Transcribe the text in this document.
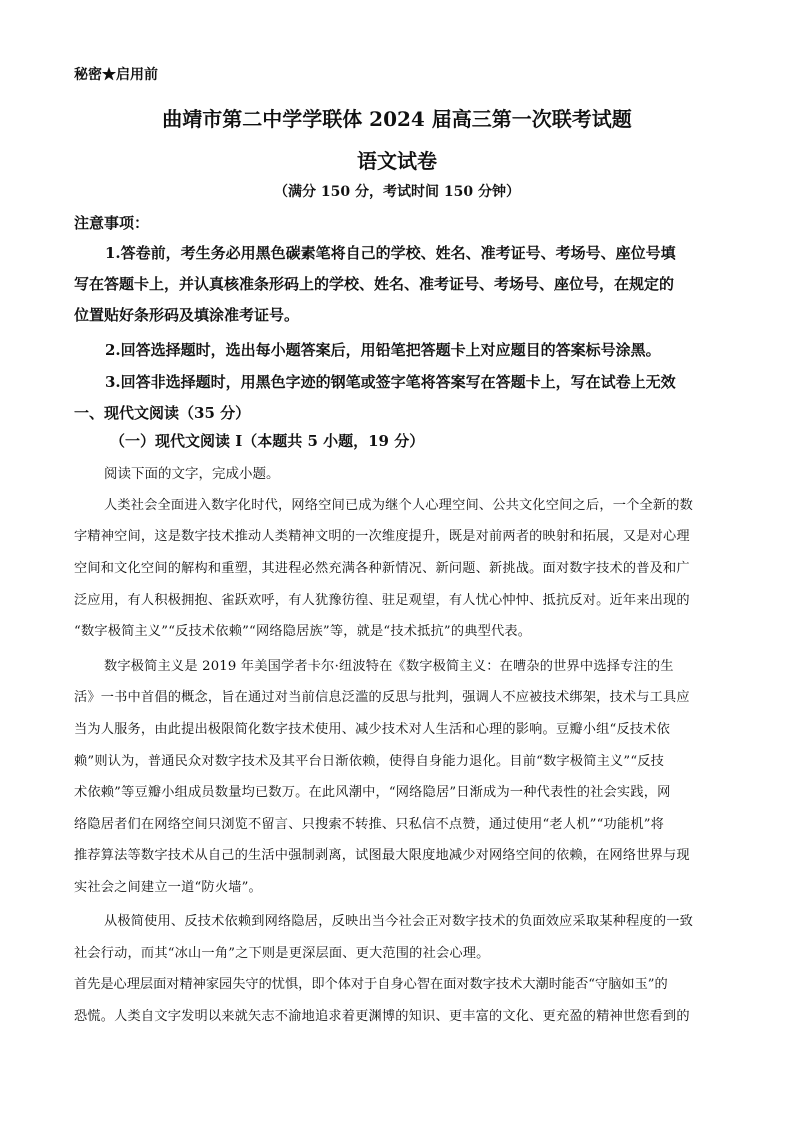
秘密★启用前
曲靖市第二中学学联体 2024 届高三第一次联考试题
语文试卷
（满分 150 分，考试时间 150 分钟）
注意事项：
1.答卷前，考生务必用黑色碳素笔将自己的学校、姓名、准考证号、考场号、座位号填
写在答题卡上，并认真核准条形码上的学校、姓名、准考证号、考场号、座位号，在规定的
位置贴好条形码及填涂准考证号。
2.回答选择题时，选出每小题答案后，用铅笔把答题卡上对应题目的答案标号涂黑。
3.回答非选择题时，用黑色字迹的钢笔或签字笔将答案写在答题卡上，写在试卷上无效
一、现代文阅读（35 分）
（一）现代文阅读 I（本题共 5 小题，19 分）
阅读下面的文字，完成小题。
人类社会全面进入数字化时代，网络空间已成为继个人心理空间、公共文化空间之后，一个全新的数
字精神空间，这是数字技术推动人类精神文明的一次维度提升，既是对前两者的映射和拓展，又是对心理
空间和文化空间的解构和重塑，其进程必然充满各种新情况、新问题、新挑战。面对数字技术的普及和广
泛应用，有人积极拥抱、雀跃欢呼，有人犹豫彷徨、驻足观望，有人忧心忡忡、抵抗反对。近年来出现的
“数字极简主义”“反技术依赖”“网络隐居族”等，就是“技术抵抗”的典型代表。
数字极简主义是 2019 年美国学者卡尔·纽波特在《数字极简主义：在嘈杂的世界中选择专注的生
活》一书中首倡的概念，旨在通过对当前信息泛滥的反思与批判，强调人不应被技术绑架，技术与工具应
当为人服务，由此提出极限简化数字技术使用、减少技术对人生活和心理的影响。豆瓣小组“反技术依
赖”则认为，普通民众对数字技术及其平台日渐依赖，使得自身能力退化。目前“数字极简主义”“反技
术依赖”等豆瓣小组成员数量均已数万。在此风潮中，“网络隐居”日渐成为一种代表性的社会实践，网
络隐居者们在网络空间只浏览不留言、只搜索不转推、只私信不点赞，通过使用“老人机”“功能机”将
推荐算法等数字技术从自己的生活中强制剥离，试图最大限度地减少对网络空间的依赖，在网络世界与现
实社会之间建立一道“防火墙”。
从极简使用、反技术依赖到网络隐居，反映出当今社会正对数字技术的负面效应采取某种程度的一致
社会行动，而其“冰山一角”之下则是更深层面、更大范围的社会心理。
首先是心理层面对精神家园失守的忧惧，即个体对于自身心智在面对数字技术大潮时能否“守脑如玉”的
恐慌。人类自文字发明以来就矢志不渝地追求着更渊博的知识、更丰富的文化、更充盈的精神世您看到的
